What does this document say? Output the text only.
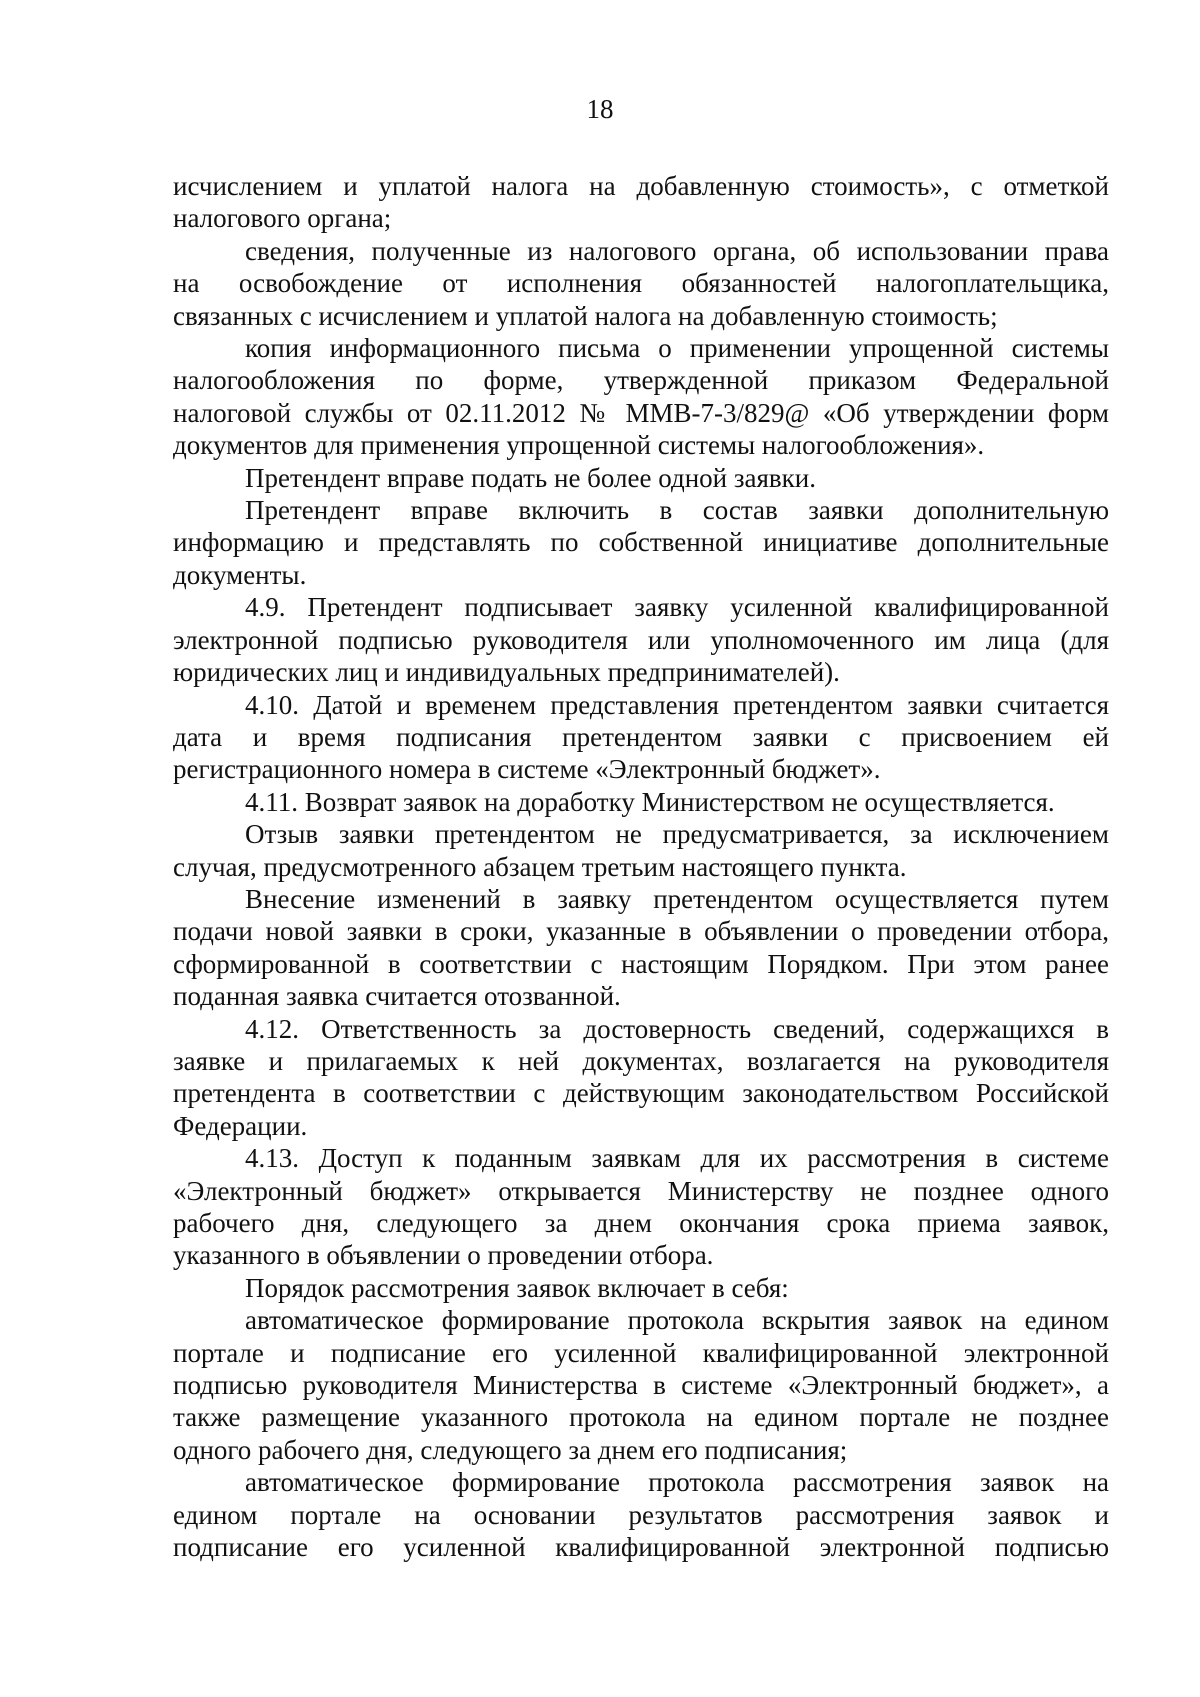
18
исчислением и уплатой налога на добавленную стоимость», с отметкой
налогового органа;
сведения, полученные из налогового органа, об использовании права
на освобождение от исполнения обязанностей налогоплательщика,
связанных с исчислением и уплатой налога на добавленную стоимость;
копия информационного письма о применении упрощенной системы
налогообложения по форме, утвержденной приказом Федеральной
налоговой службы от 02.11.2012 № ММВ-7-3/829@ «Об утверждении форм
документов для применения упрощенной системы налогообложения».
Претендент вправе подать не более одной заявки.
Претендент вправе включить в состав заявки дополнительную
информацию и представлять по собственной инициативе дополнительные
документы.
4.9. Претендент подписывает заявку усиленной квалифицированной
электронной подписью руководителя или уполномоченного им лица (для
юридических лиц и индивидуальных предпринимателей).
4.10. Датой и временем представления претендентом заявки считается
дата и время подписания претендентом заявки с присвоением ей
регистрационного номера в системе «Электронный бюджет».
4.11. Возврат заявок на доработку Министерством не осуществляется.
Отзыв заявки претендентом не предусматривается, за исключением
случая, предусмотренного абзацем третьим настоящего пункта.
Внесение изменений в заявку претендентом осуществляется путем
подачи новой заявки в сроки, указанные в объявлении о проведении отбора,
сформированной в соответствии с настоящим Порядком. При этом ранее
поданная заявка считается отозванной.
4.12. Ответственность за достоверность сведений, содержащихся в
заявке и прилагаемых к ней документах, возлагается на руководителя
претендента в соответствии с действующим законодательством Российской
Федерации.
4.13. Доступ к поданным заявкам для их рассмотрения в системе
«Электронный бюджет» открывается Министерству не позднее одного
рабочего дня, следующего за днем окончания срока приема заявок,
указанного в объявлении о проведении отбора.
Порядок рассмотрения заявок включает в себя:
автоматическое формирование протокола вскрытия заявок на едином
портале и подписание его усиленной квалифицированной электронной
подписью руководителя Министерства в системе «Электронный бюджет», а
также размещение указанного протокола на едином портале не позднее
одного рабочего дня, следующего за днем его подписания;
автоматическое формирование протокола рассмотрения заявок на
едином портале на основании результатов рассмотрения заявок и
подписание его усиленной квалифицированной электронной подписью
